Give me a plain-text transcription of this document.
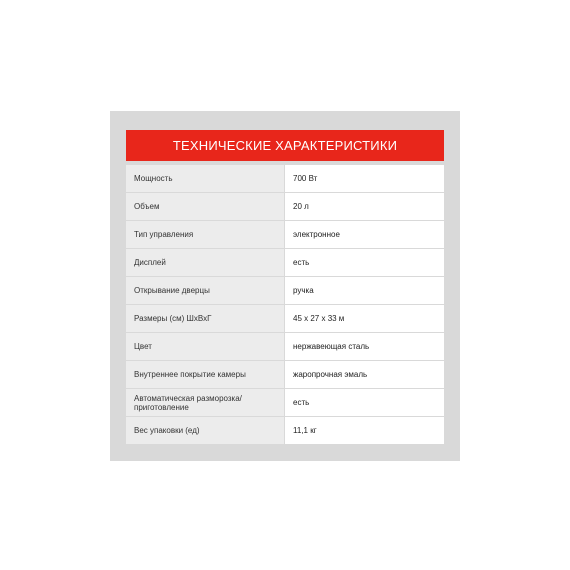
ТЕХНИЧЕСКИЕ ХАРАКТЕРИСТИКИ
Мощность	700 Вт
Объем	20 л
Тип управления	электронное
Дисплей	есть
Открывание дверцы	ручка
Размеры (см) ШхВхГ	45 х 27 х 33 м
Цвет	нержавеющая сталь
Внутреннее покрытие камеры	жаропрочная эмаль
Автоматическая разморозка/приготовление	есть
Вес упаковки (ед)	11,1 кг
